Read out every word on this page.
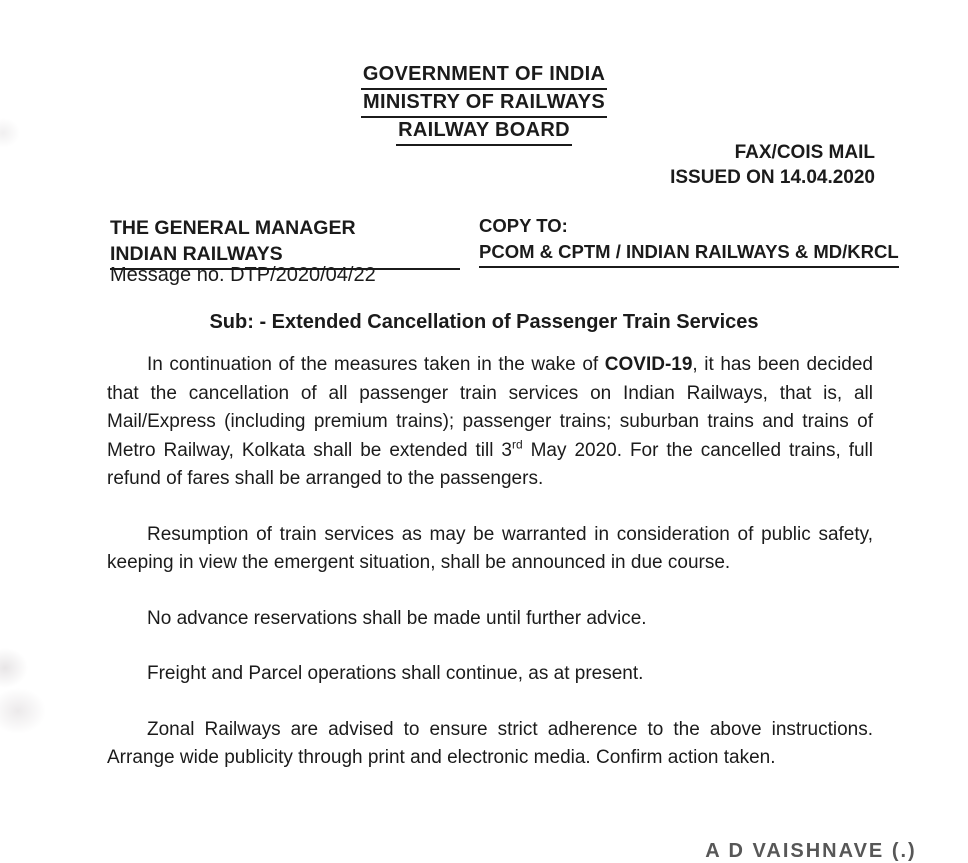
GOVERNMENT OF INDIA
MINISTRY OF RAILWAYS
RAILWAY BOARD
FAX/COIS MAIL
ISSUED ON 14.04.2020
THE GENERAL MANAGER
INDIAN RAILWAYS
COPY TO:
PCOM & CPTM / INDIAN RAILWAYS & MD/KRCL
Message no. DTP/2020/04/22
Sub: - Extended Cancellation of Passenger Train Services

In continuation of the measures taken in the wake of COVID-19, it has been decided that the cancellation of all passenger train services on Indian Railways, that is, all Mail/Express (including premium trains); passenger trains; suburban trains and trains of Metro Railway, Kolkata shall be extended till 3rd May 2020. For the cancelled trains, full refund of fares shall be arranged to the passengers.

Resumption of train services as may be warranted in consideration of public safety, keeping in view the emergent situation, shall be announced in due course.

No advance reservations shall be made until further advice.

Freight and Parcel operations shall continue, as at present.

Zonal Railways are advised to ensure strict adherence to the above instructions. Arrange wide publicity through print and electronic media. Confirm action taken.

A D VAISHNAVE (.)
